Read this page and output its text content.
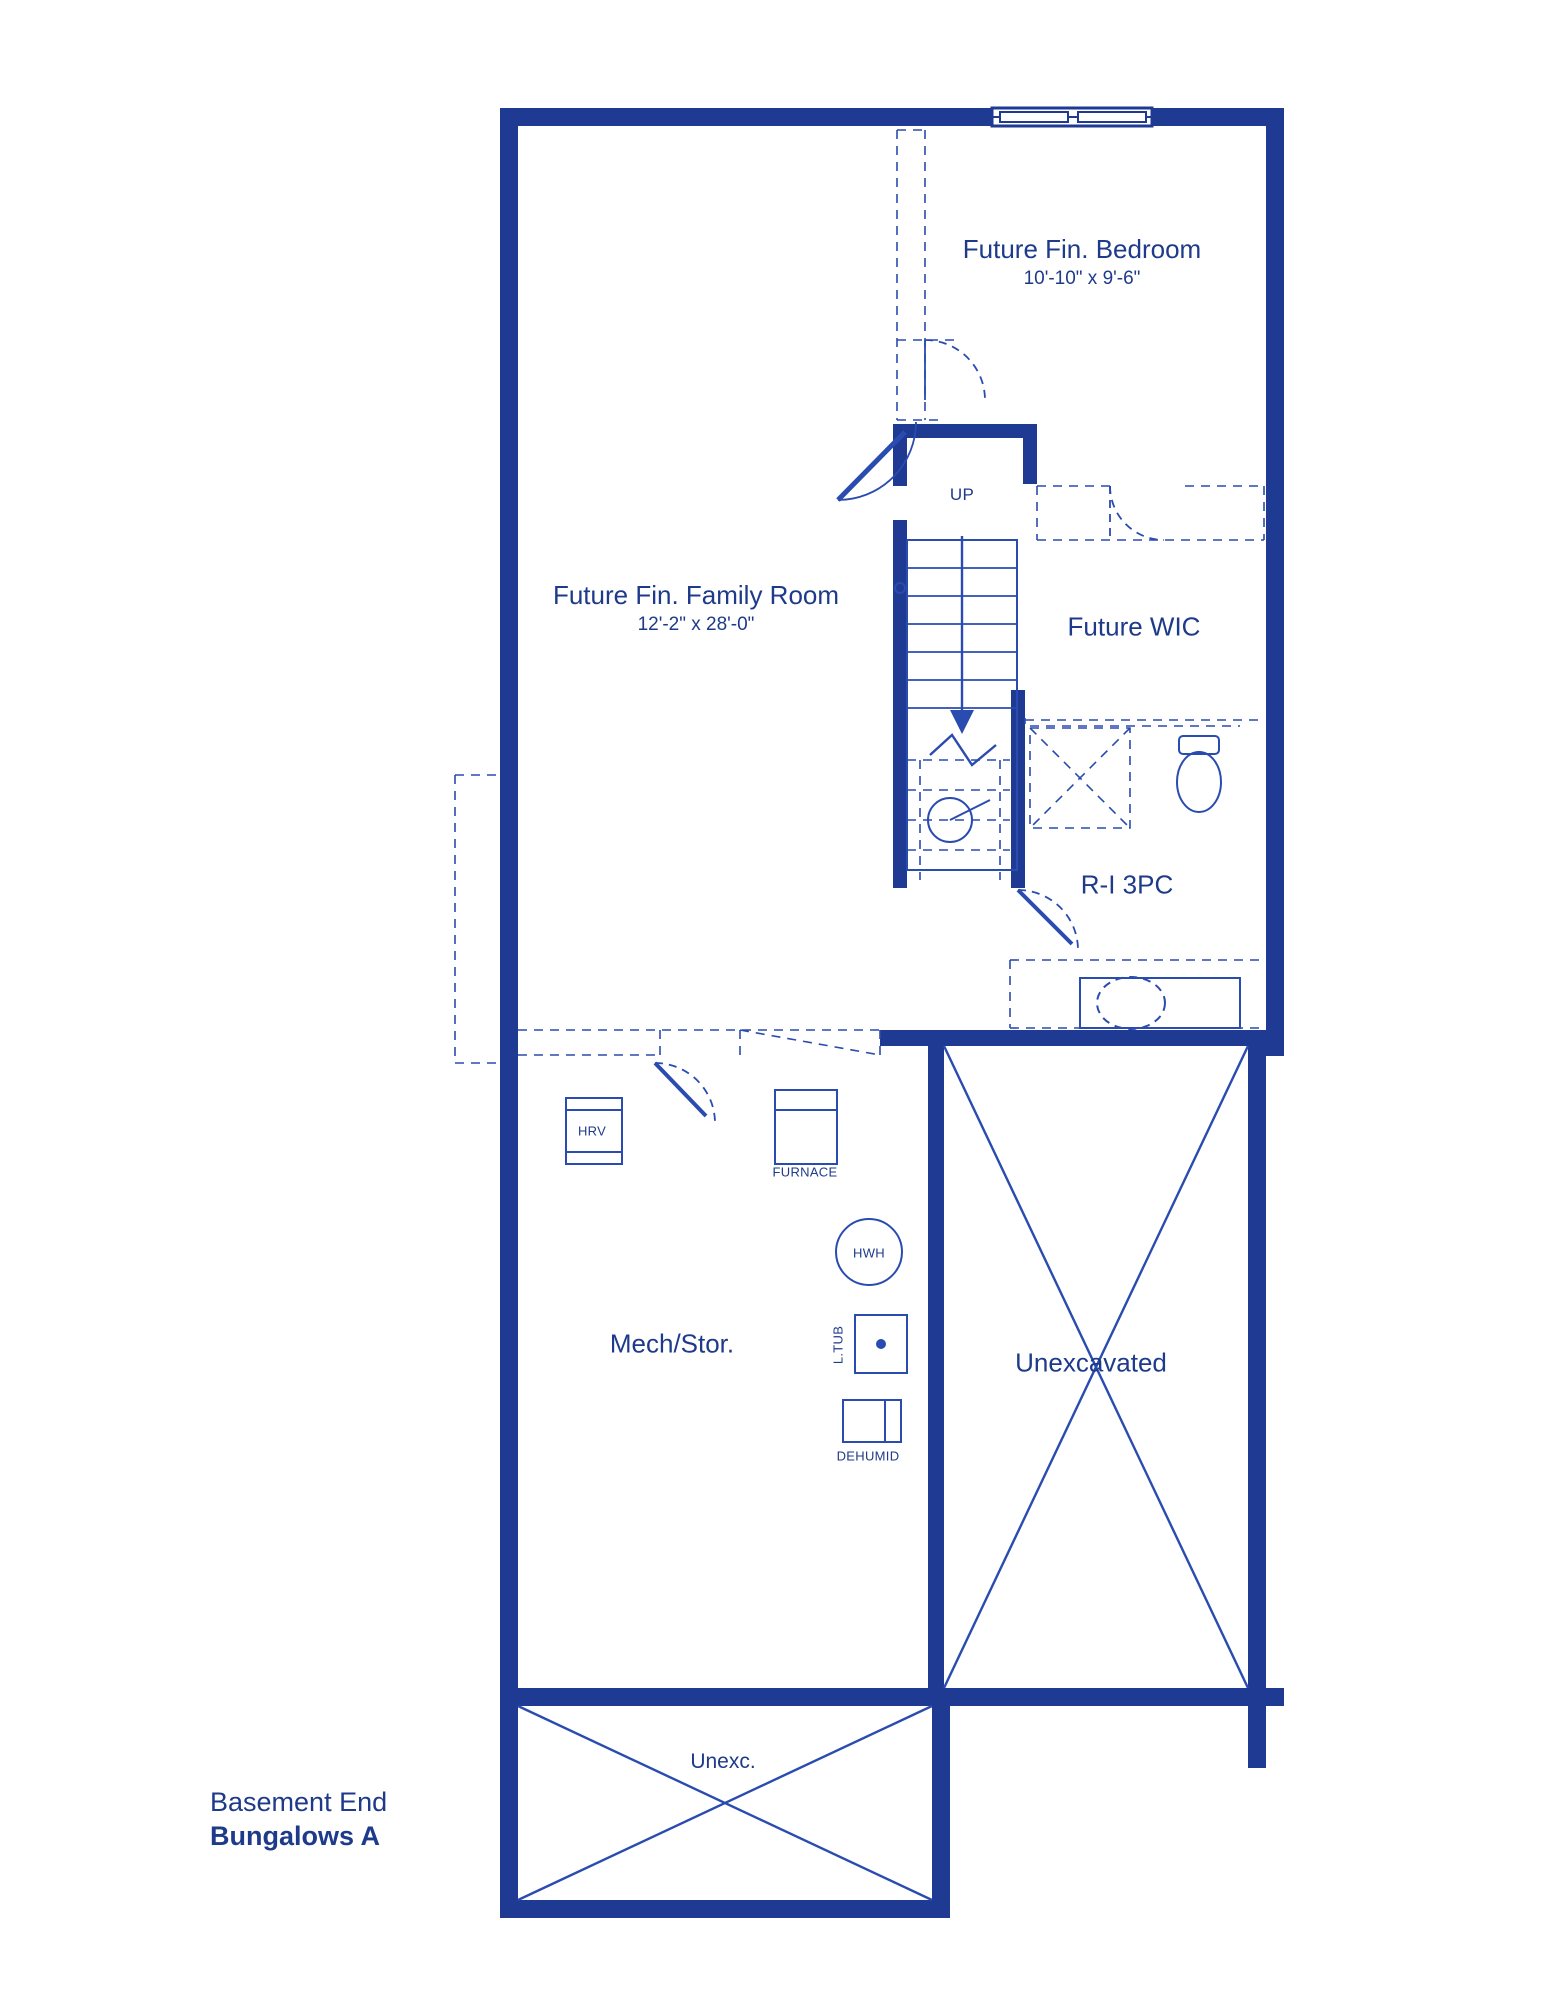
Future Fin. Bedroom
10'-10" x 9'-6"
Future Fin. Family Room
12'-2" x 28'-0"	Future WIC
R-I 3PC
Mech/Stor.
Unexcavated
Unexc.
UP
HRV
FURNACE
HWH
L.TUB
DEHUMID
Basement End
Bungalows A
